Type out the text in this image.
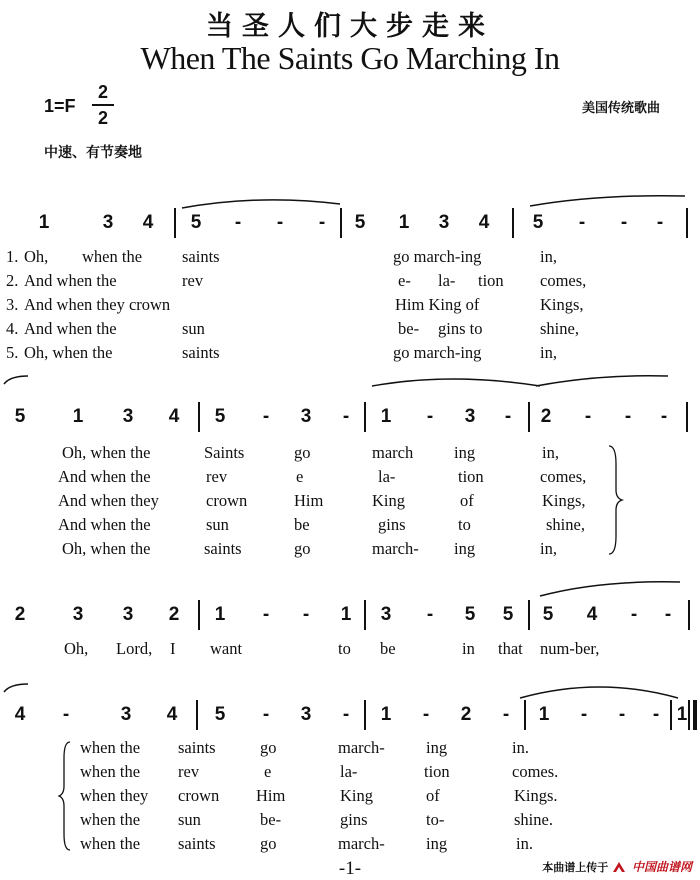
当圣人们大步走来
When The Saints Go Marching In
1=F
2
2	美国传统歌曲
中速、有节奏地
1	3 4 5 - - - 5 1 3 4 5 - - -
1. Oh, when the saints	go march-ing	in,
2. And when the	rev	e- la- tion comes,
3. And when they crown	Him King of	Kings,
4. And when the	sun	be- gins to	shine,
5. Oh, when the	saints	go march-ing	in,
5 1 3 4 5 - 3 - 1 - 3 - 2 - - -
Oh, when the	Saints	go	march ing	in,
And when the	rev	e	la-	tion	comes,
And when they	crown	Him	King	of	Kings,
And when the	sun	be	gins	to	shine,
Oh, when the	saints	go	march- ing	in,
2 3 3 2 1 - - 1 3 - 5 5 5 4 - -
Oh, Lord, I want	to be	in that num-ber,
4 -	3 4 5 - 3 - 1 - 2 - 1 - - - 1
when the saints	go	march-	ing	in.
when the rev	e	la-	tion	comes.
when they crown Him	King	of	Kings.
when the sun	be-	gins	to-	shine.
when the saints	go	march-	ing	in.
-1-	本曲谱上传于 中国曲谱网
